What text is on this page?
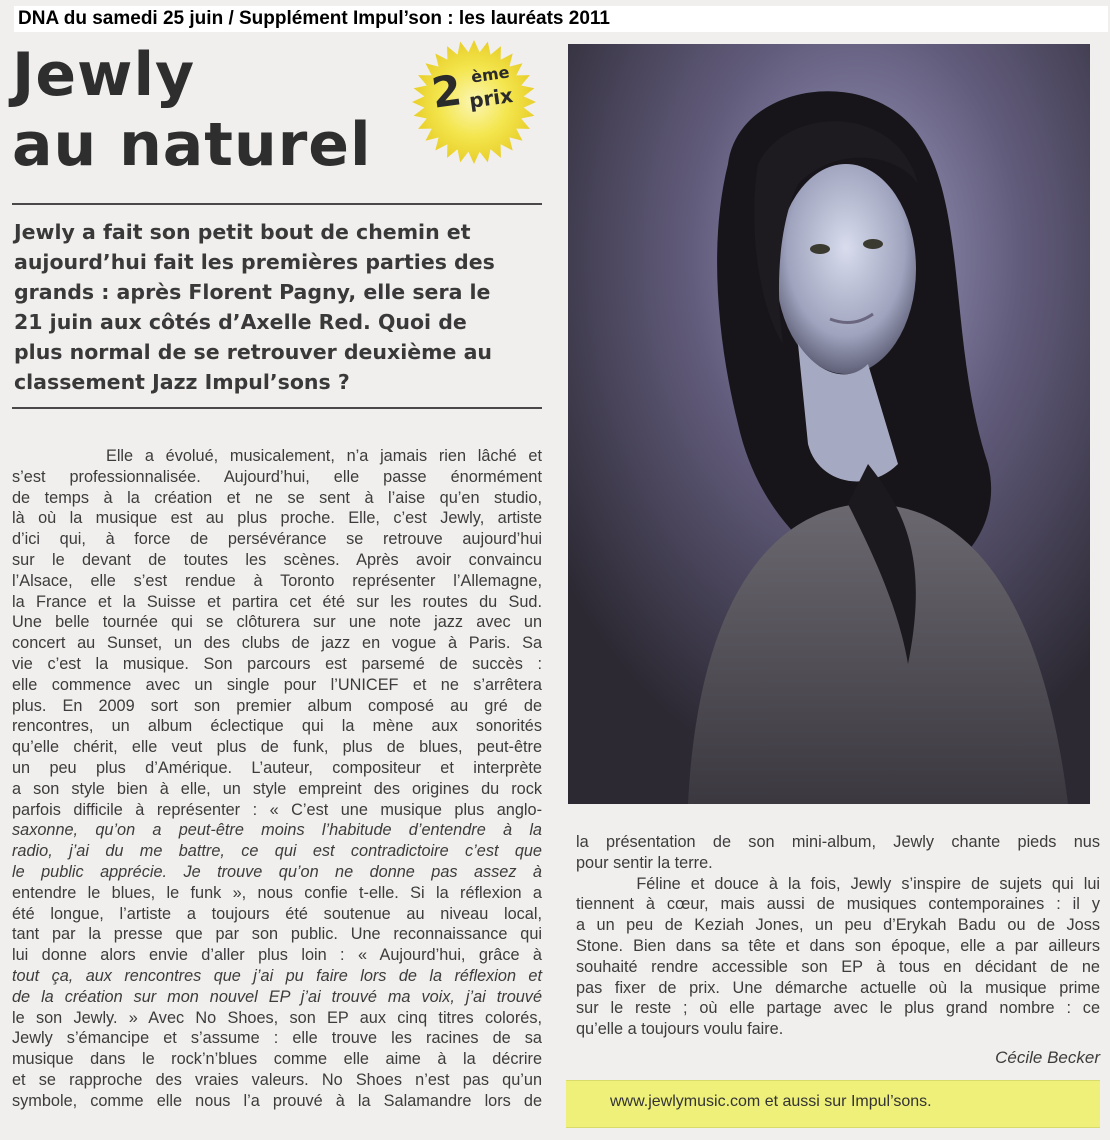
DNA du samedi 25 juin / Supplément Impul’son : les lauréats 2011
Jewly
au naturel
2 ème
prix
Jewly a fait son petit bout de chemin et
aujourd’hui fait les premières parties des
grands : après Florent Pagny, elle sera le
21 juin aux côtés d’Axelle Red. Quoi de
plus normal de se retrouver deuxième au
classement Jazz Impul’sons ?
Elle a évolué, musicalement, n’a jamais rien lâché et
s’est professionnalisée. Aujourd’hui, elle passe énormément
de temps à la création et ne se sent à l’aise qu’en studio,
là où la musique est au plus proche. Elle, c’est Jewly, artiste
d’ici qui, à force de persévérance se retrouve aujourd’hui
sur le devant de toutes les scènes. Après avoir convaincu
l’Alsace, elle s’est rendue à Toronto représenter l’Allemagne,
la France et la Suisse et partira cet été sur les routes du Sud.
Une belle tournée qui se clôturera sur une note jazz avec un
concert au Sunset, un des clubs de jazz en vogue à Paris. Sa
vie c’est la musique. Son parcours est parsemé de succès :
elle commence avec un single pour l’UNICEF et ne s’arrêtera
plus. En 2009 sort son premier album composé au gré de
rencontres, un album éclectique qui la mène aux sonorités
qu’elle chérit, elle veut plus de funk, plus de blues, peut-être
un peu plus d’Amérique. L’auteur, compositeur et interprète
a son style bien à elle, un style empreint des origines du rock
parfois difficile à représenter : « C’est une musique plus anglo-
saxonne, qu’on a peut-être moins l’habitude d’entendre à la
radio, j’ai du me battre, ce qui est contradictoire c’est que
le public apprécie. Je trouve qu’on ne donne pas assez à
entendre le blues, le funk », nous confie t-elle. Si la réflexion a
été longue, l’artiste a toujours été soutenue au niveau local,
tant par la presse que par son public. Une reconnaissance qui
lui donne alors envie d’aller plus loin : « Aujourd’hui, grâce à
tout ça, aux rencontres que j’ai pu faire lors de la réflexion et
de la création sur mon nouvel EP j’ai trouvé ma voix, j’ai trouvé
le son Jewly. » Avec No Shoes, son EP aux cinq titres colorés,
Jewly s’émancipe et s’assume : elle trouve les racines de sa
musique dans le rock’n’blues comme elle aime à la décrire
et se rapproche des vraies valeurs. No Shoes n’est pas qu’un
symbole, comme elle nous l’a prouvé à la Salamandre lors de
la présentation de son mini-album, Jewly chante pieds nus
pour sentir la terre.
Féline et douce à la fois, Jewly s’inspire de sujets qui lui
tiennent à cœur, mais aussi de musiques contemporaines : il y
a un peu de Keziah Jones, un peu d’Erykah Badu ou de Joss
Stone. Bien dans sa tête et dans son époque, elle a par ailleurs
souhaité rendre accessible son EP à tous en décidant de ne
pas fixer de prix. Une démarche actuelle où la musique prime
sur le reste ; où elle partage avec le plus grand nombre : ce
qu’elle a toujours voulu faire.
Cécile Becker
www.jewlymusic.com et aussi sur Impul’sons.
